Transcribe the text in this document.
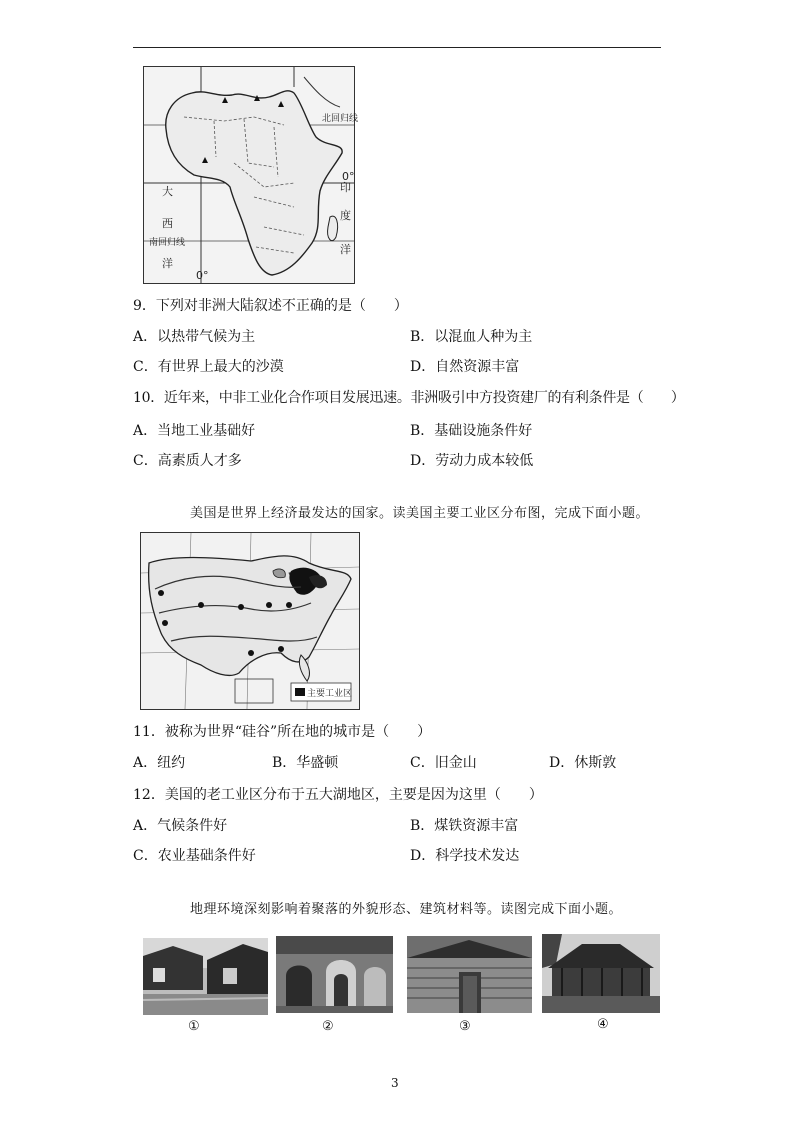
北回归线
0°
南回归线
0°
大
西
洋
印
度
洋
9．下列对非洲大陆叙述不正确的是（　　）
A．以热带气候为主	B．以混血人种为主
C．有世界上最大的沙漠	D．自然资源丰富
10．近年来，中非工业化合作项目发展迅速。非洲吸引中方投资建厂的有利条件是（　　）
A．当地工业基础好	B．基础设施条件好
C．高素质人才多	D．劳动力成本较低
美国是世界上经济最发达的国家。读美国主要工业区分布图，完成下面小题。
主要工业区
11．被称为世界“硅谷”所在地的城市是（　　）
A．纽约	B．华盛顿	C．旧金山	D．休斯敦
12．美国的老工业区分布于五大湖地区，主要是因为这里（　　）
A．气候条件好	B．煤铁资源丰富
C．农业基础条件好	D．科学技术发达
地理环境深刻影响着聚落的外貌形态、建筑材料等。读图完成下面小题。
①	②	③	④
3
